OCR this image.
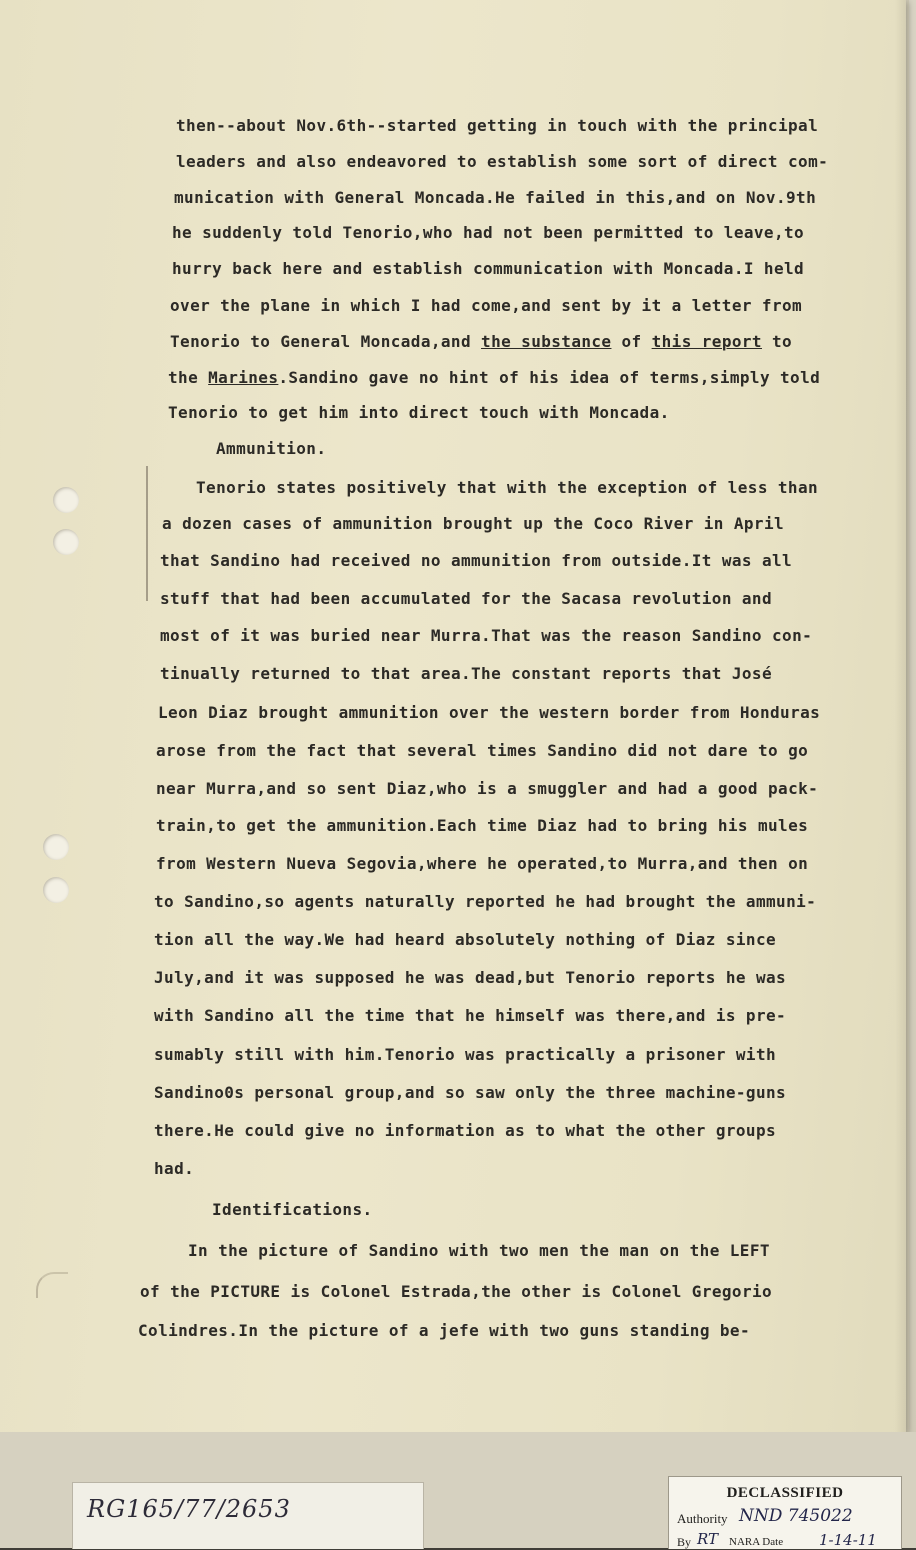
then--about Nov.6th--started getting in touch with the principal

leaders and also endeavored to establish some sort of direct com-

munication with General Moncada.He failed in this,and on Nov.9th

he suddenly told Tenorio,who had not been permitted to leave,to

hurry back here and establish communication with Moncada.I held

over the plane in which I had come,and sent by it a letter from

Tenorio to General Moncada,and the substance of this report to

the Marines.Sandino gave no hint of his idea of terms,simply told

Tenorio to get him into direct touch with Moncada.

Ammunition.

Tenorio states positively that with the exception of less than

a dozen cases of ammunition brought up the Coco River in April

that Sandino had received no ammunition from outside.It was all

stuff that had been accumulated for the Sacasa revolution and

most of it was buried near Murra.That was the reason Sandino con-

tinually returned to that area.The constant reports that José

Leon Diaz brought ammunition over the western border from Honduras

arose from the fact that several times Sandino did not dare to go

near Murra,and so sent Diaz,who is a smuggler and had a good pack-

train,to get the ammunition.Each time Diaz had to bring his mules

from Western Nueva Segovia,where he operated,to Murra,and then on

to Sandino,so agents naturally reported he had brought the ammuni-

tion all the way.We had heard absolutely nothing of Diaz since

July,and it was supposed he was dead,but Tenorio reports he was

with Sandino all the time that he himself was there,and is pre-

sumably still with him.Tenorio was practically a prisoner with

Sandino0s personal group,and so saw only the three machine-guns

there.He could give no information as to what the other groups

had.

Identifications.

In the picture of Sandino with two men the man on the LEFT

of the PICTURE is Colonel Estrada,the other is Colonel Gregorio

Colindres.In the picture of a jefe with two guns standing be-

RG165/77/2653
DECLASSIFIED
Authority NND 745022
By RT NARA Date 1-14-11
